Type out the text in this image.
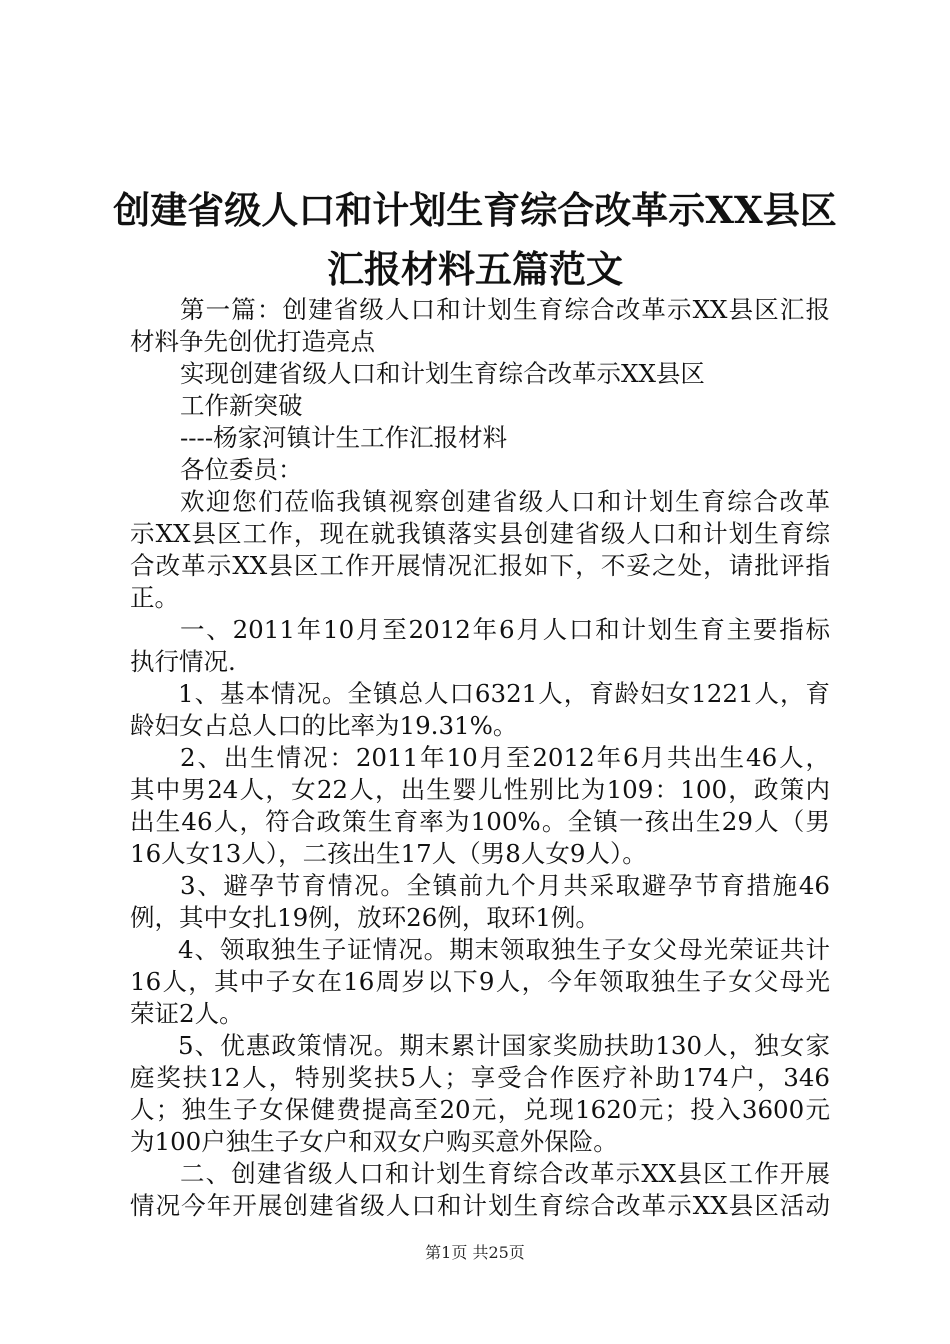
创建省级人口和计划生育综合改革示XX县区
汇报材料五篇范文
第一篇：创建省级人口和计划生育综合改革示XX县区汇报
材料争先创优打造亮点
实现创建省级人口和计划生育综合改革示XX县区
工作新突破
----杨家河镇计生工作汇报材料
各位委员：
欢迎您们莅临我镇视察创建省级人口和计划生育综合改革
示XX县区工作，现在就我镇落实县创建省级人口和计划生育综
合改革示XX县区工作开展情况汇报如下，不妥之处，请批评指
正。
一、2011年10月至2012年6月人口和计划生育主要指标
执行情况.
1、基本情况。全镇总人口6321人，育龄妇女1221人，育
龄妇女占总人口的比率为19.31%。
2、出生情况：2011年10月至2012年6月共出生46人，
其中男24人，女22人，出生婴儿性别比为109：100，政策内
出生46人，符合政策生育率为100%。全镇一孩出生29人（男
16人女13人），二孩出生17人（男8人女9人）。
3、避孕节育情况。全镇前九个月共采取避孕节育措施46
例，其中女扎19例，放环26例，取环1例。
4、领取独生子证情况。期末领取独生子女父母光荣证共计
16人，其中子女在16周岁以下9人，今年领取独生子女父母光
荣证2人。
5、优惠政策情况。期末累计国家奖励扶助130人，独女家
庭奖扶12人，特别奖扶5人；享受合作医疗补助174户，346
人；独生子女保健费提高至20元，兑现1620元；投入3600元
为100户独生子女户和双女户购买意外保险。
二、创建省级人口和计划生育综合改革示XX县区工作开展
情况今年开展创建省级人口和计划生育综合改革示XX县区活动
第1页 共25页
